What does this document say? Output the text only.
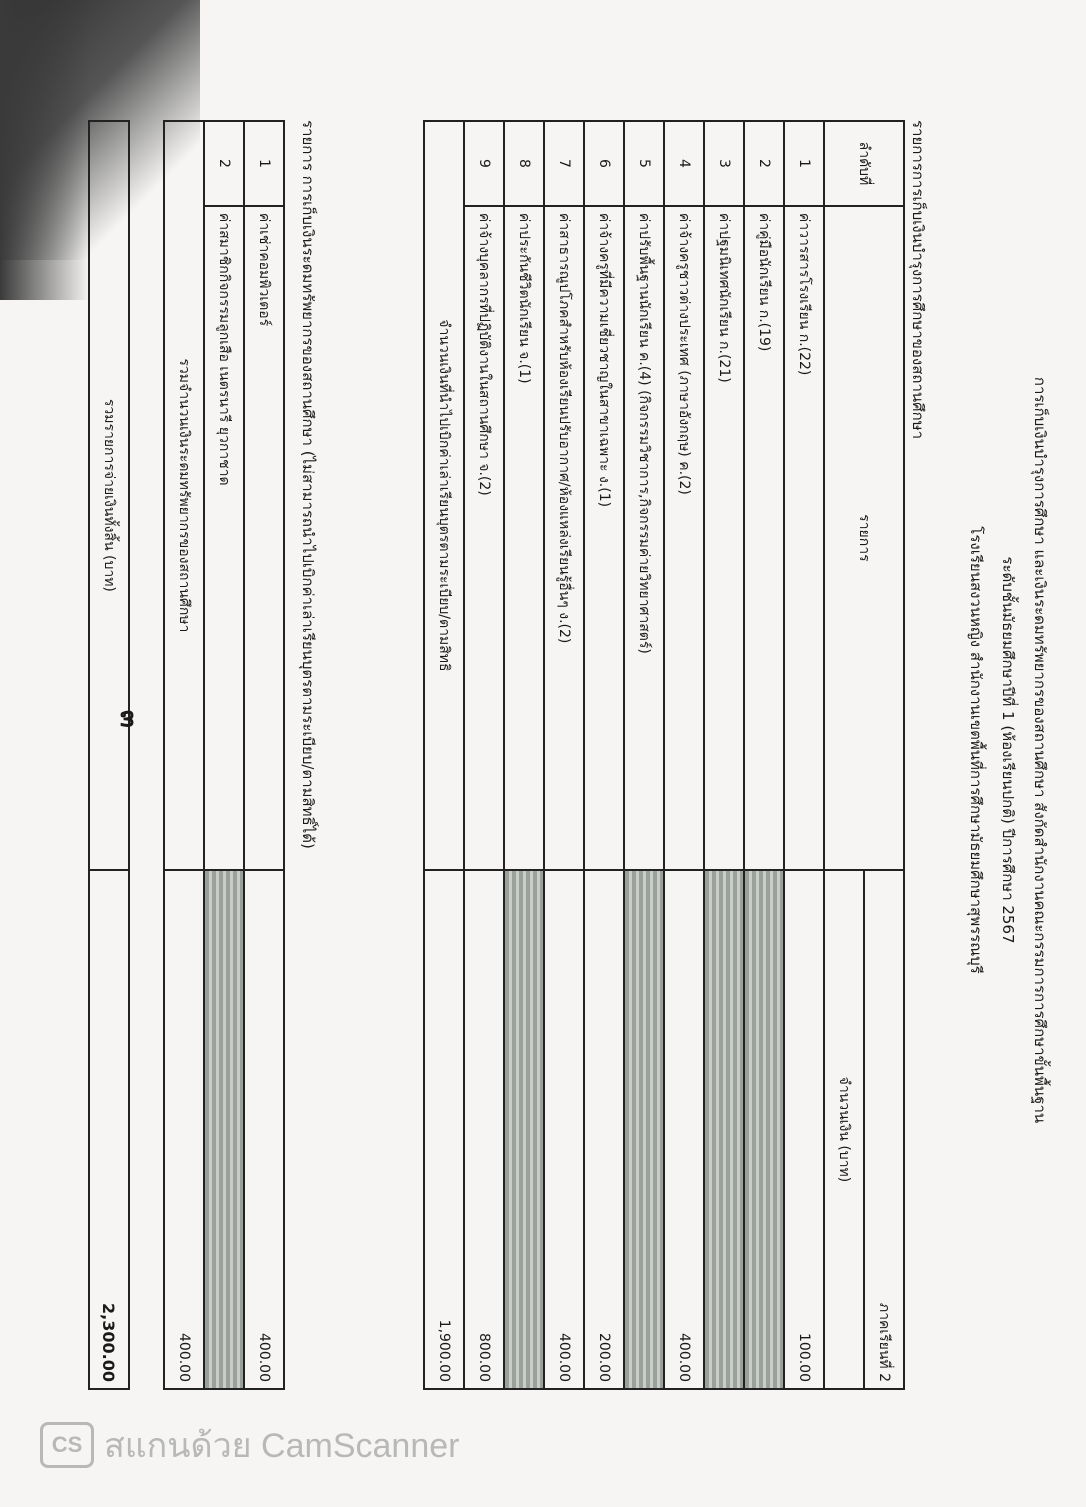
การเก็บเงินบำรุงการศึกษา และเงินระดมทรัพยากรของสถานศึกษา สังกัดสำนักงานคณะกรรมการการศึกษาขั้นพื้นฐาน
ระดับชั้นมัธยมศึกษาปีที่ 1 (ห้องเรียนปกติ) ปีการศึกษา 2567
โรงเรียนสงวนหญิง สำนักงานเขตพื้นที่การศึกษามัธยมศึกษาสุพรรณบุรี
รายการการเก็บเงินบำรุงการศึกษาของสถานศึกษา
ลำดับที่	รายการ	ภาคเรียนที่ 2
		จำนวนเงิน (บาท)
1	ค่าวารสารโรงเรียน ก.(22)	100.00
2	ค่าคู่มือนักเรียน ก.(19)	
3	ค่าปฐมนิเทศนักเรียน ก.(21)	
4	ค่าจ้างครูชาวต่างประเทศ (ภาษาอังกฤษ) ค.(2)	400.00
5	ค่าปรับพื้นฐานนักเรียน ค.(4) (กิจกรรมวิชาการ,กิจกรรมค่ายวิทยาศาสตร์)	
6	ค่าจ้างครูที่มีความเชี่ยวชาญในสาขาเฉพาะ ง.(1)	200.00
7	ค่าสาธารณูปโภคสำหรับห้องเรียนปรับอากาศ/ห้องแหล่งเรียนรู้อื่นๆ ง.(2)	400.00
8	ค่าประกันชีวิตนักเรียน จ.(1)	
9	ค่าจ้างบุคลากรที่ปฏิบัติงานในสถานศึกษา จ.(2)	800.00
จำนวนเงินที่นำไปเบิกค่าเล่าเรียนบุตรตามระเบียบ/ตามสิทธิ		1,900.00
รายการ การเก็บเงินระดมทรัพยากรของสถานศึกษา (ไม่สามารถนำไปเบิกค่าเล่าเรียนบุตรตามระเบียบ/ตามสิทธิ์ได้)
1	ค่าเช่าคอมพิวเตอร์	400.00
2	ค่าสมาชิกกิจกรรมลูกเสือ เนตรนารี ยุวกาชาด	
รวมจำนวนเงินระดมทรัพยากรของสถานศึกษา		400.00
รวมรายการจ่ายเงินทั้งสิ้น (บาท)	2,300.00
๓
CS สแกนด้วย CamScanner
